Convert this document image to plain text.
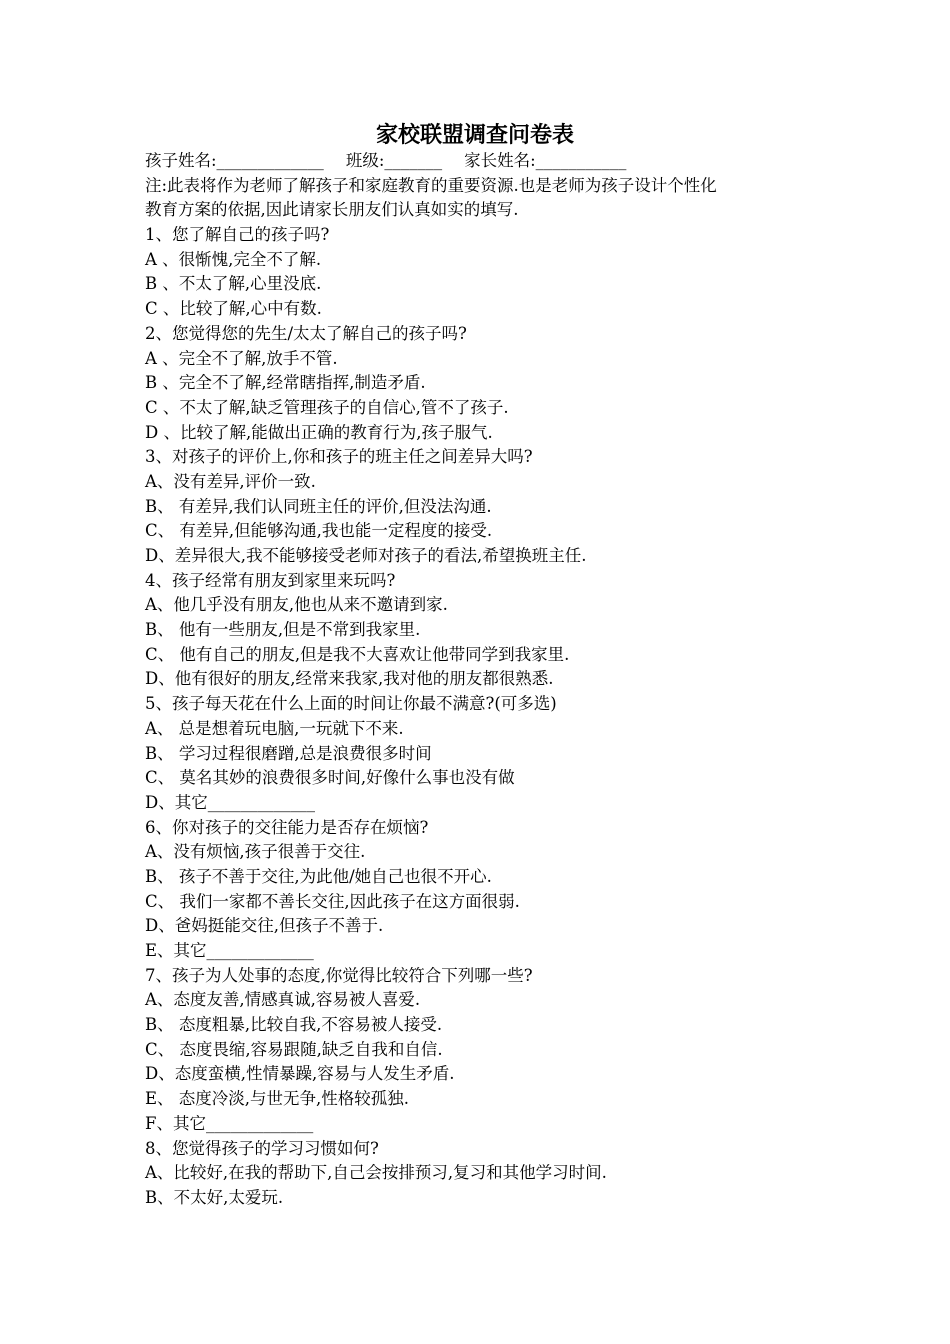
家校联盟调查问卷表
孩子姓名:_____________ 班级:_______ 家长姓名:___________
注:此表将作为老师了解孩子和家庭教育的重要资源.也是老师为孩子设计个性化
教育方案的依据,因此请家长朋友们认真如实的填写.
1、您了解自己的孩子吗?
A 、很惭愧,完全不了解.
B 、不太了解,心里没底.
C 、比较了解,心中有数.
2、您觉得您的先生/太太了解自己的孩子吗?
A 、完全不了解,放手不管.
B 、完全不了解,经常瞎指挥,制造矛盾.
C 、不太了解,缺乏管理孩子的自信心,管不了孩子.
D 、比较了解,能做出正确的教育行为,孩子服气.
3、对孩子的评价上,你和孩子的班主任之间差异大吗?
A、没有差异,评价一致.
B、 有差异,我们认同班主任的评价,但没法沟通.
C、 有差异,但能够沟通,我也能一定程度的接受.
D、差异很大,我不能够接受老师对孩子的看法,希望换班主任.
4、孩子经常有朋友到家里来玩吗?
A、他几乎没有朋友,他也从来不邀请到家.
B、 他有一些朋友,但是不常到我家里.
C、 他有自己的朋友,但是我不大喜欢让他带同学到我家里.
D、他有很好的朋友,经常来我家,我对他的朋友都很熟悉.
5、孩子每天花在什么上面的时间让你最不满意?(可多选)
A、 总是想着玩电脑,一玩就下不来.
B、 学习过程很磨蹭,总是浪费很多时间
C、 莫名其妙的浪费很多时间,好像什么事也没有做
D、其它_____________
6、你对孩子的交往能力是否存在烦恼?
A、没有烦恼,孩子很善于交往.
B、 孩子不善于交往,为此他/她自己也很不开心.
C、 我们一家都不善长交往,因此孩子在这方面很弱.
D、爸妈挺能交往,但孩子不善于.
E、其它_____________
7、孩子为人处事的态度,你觉得比较符合下列哪一些?
A、态度友善,情感真诚,容易被人喜爱.
B、 态度粗暴,比较自我,不容易被人接受.
C、 态度畏缩,容易跟随,缺乏自我和自信.
D、态度蛮横,性情暴躁,容易与人发生矛盾.
E、 态度冷淡,与世无争,性格较孤独.
F、其它_____________
8、您觉得孩子的学习习惯如何?
A、比较好,在我的帮助下,自己会按排预习,复习和其他学习时间.
B、不太好,太爱玩.
